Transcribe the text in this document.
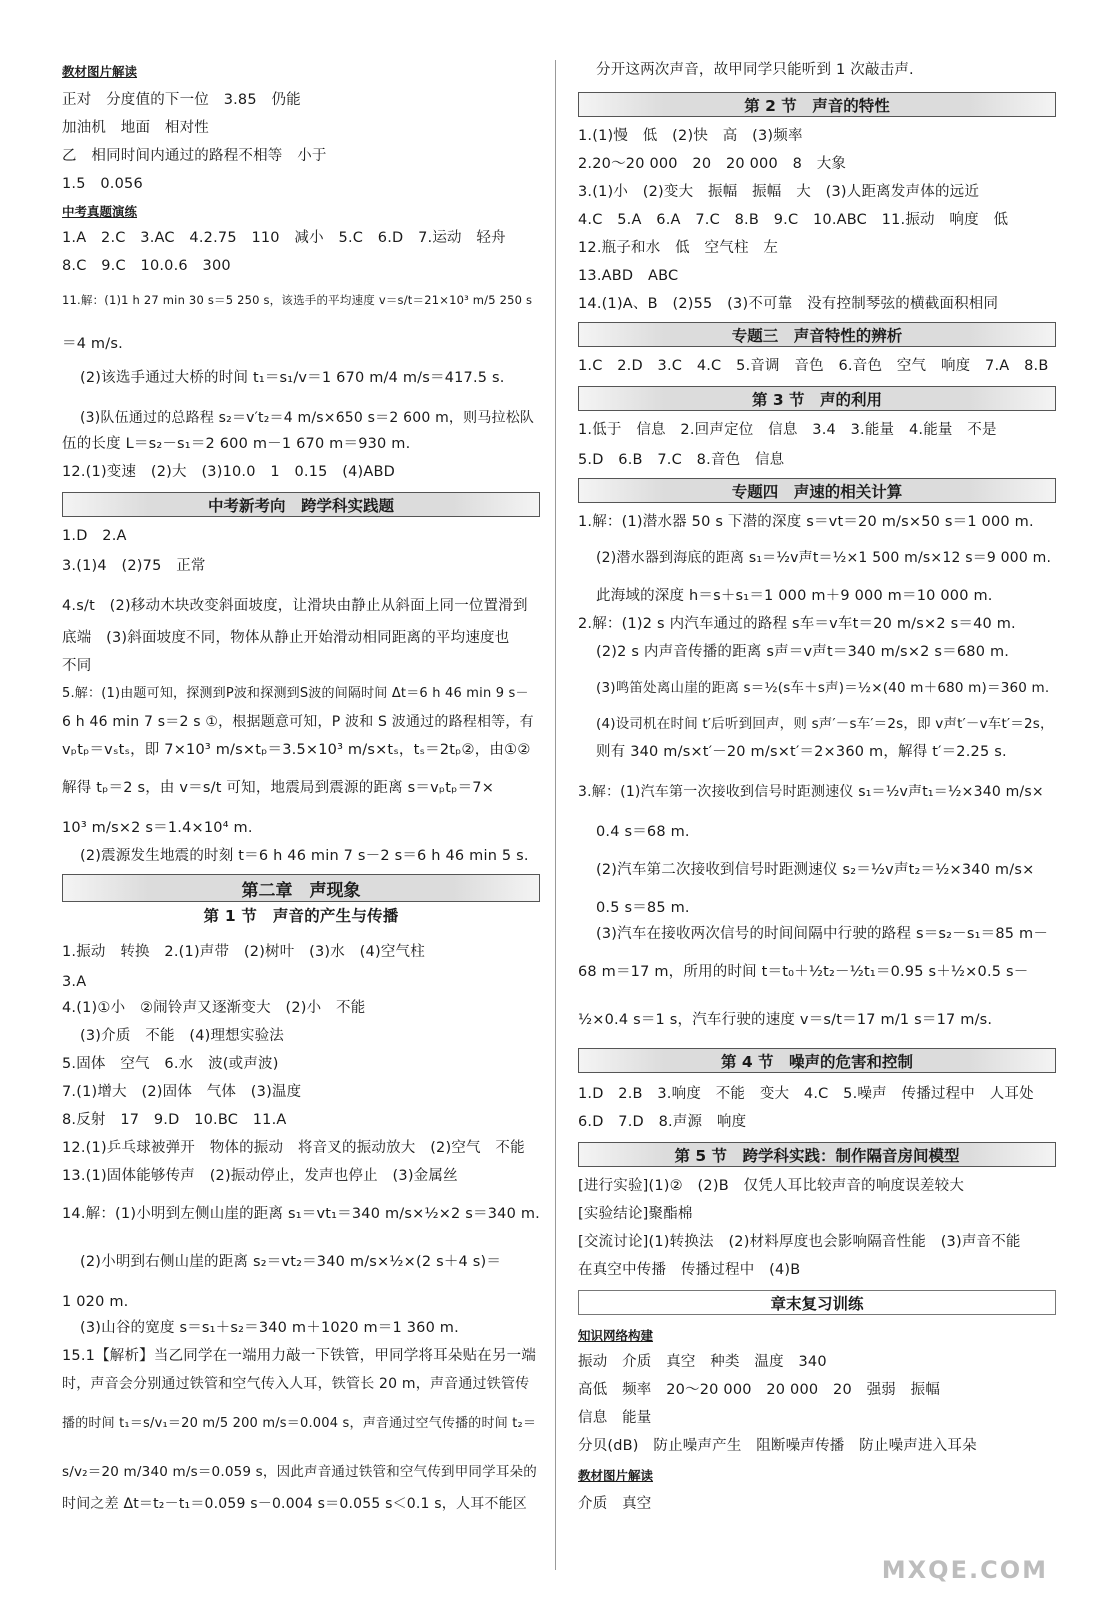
教材图片解读
正对　分度值的下一位　3.85　仍能
加油机　地面　相对性
乙　相同时间内通过的路程不相等　小于
1.5　0.056
中考真题演练
1.A　2.C　3.AC　4.2.75　110　减小　5.C　6.D　7.运动　轻舟
8.C　9.C　10.0.6　300
11.解：(1)1 h 27 min 30 s＝5 250 s，该选手的平均速度 v＝s/t＝21×10³ m/5 250 s
＝4 m/s.
(2)该选手通过大桥的时间 t₁＝s₁/v＝1 670 m/4 m/s＝417.5 s.
(3)队伍通过的总路程 s₂＝v′t₂＝4 m/s×650 s＝2 600 m，则马拉松队
伍的长度 L＝s₂－s₁＝2 600 m－1 670 m＝930 m.
12.(1)变速　(2)大　(3)10.0　1　0.15　(4)ABD
中考新考向　跨学科实践题
1.D　2.A
3.(1)4　(2)75　正常
4.s/t　(2)移动木块改变斜面坡度，让滑块由静止从斜面上同一位置滑到
底端　(3)斜面坡度不同，物体从静止开始滑动相同距离的平均速度也
不同
5.解：(1)由题可知，探测到P波和探测到S波的间隔时间 Δt＝6 h 46 min 9 s－
6 h 46 min 7 s＝2 s ①，根据题意可知，P 波和 S 波通过的路程相等，有
vₚtₚ＝vₛtₛ，即 7×10³ m/s×tₚ＝3.5×10³ m/s×tₛ，tₛ＝2tₚ②，由①②
解得 tₚ＝2 s，由 v＝s/t 可知，地震局到震源的距离 s＝vₚtₚ＝7×
10³ m/s×2 s＝1.4×10⁴ m.
(2)震源发生地震的时刻 t＝6 h 46 min 7 s－2 s＝6 h 46 min 5 s.
第二章　声现象
第 1 节　声音的产生与传播
1.振动　转换　2.(1)声带　(2)树叶　(3)水　(4)空气柱
3.A
4.(1)①小　②闹铃声又逐渐变大　(2)小　不能
(3)介质　不能　(4)理想实验法
5.固体　空气　6.水　波(或声波)
7.(1)增大　(2)固体　气体　(3)温度
8.反射　17　9.D　10.BC　11.A
12.(1)乒乓球被弹开　物体的振动　将音叉的振动放大　(2)空气　不能
13.(1)固体能够传声　(2)振动停止，发声也停止　(3)金属丝
14.解：(1)小明到左侧山崖的距离 s₁＝vt₁＝340 m/s×½×2 s＝340 m.
(2)小明到右侧山崖的距离 s₂＝vt₂＝340 m/s×½×(2 s＋4 s)＝
1 020 m.
(3)山谷的宽度 s＝s₁＋s₂＝340 m＋1020 m＝1 360 m.
15.1【解析】当乙同学在一端用力敲一下铁管，甲同学将耳朵贴在另一端
时，声音会分别通过铁管和空气传入人耳，铁管长 20 m，声音通过铁管传
播的时间 t₁＝s/v₁＝20 m/5 200 m/s＝0.004 s，声音通过空气传播的时间 t₂＝
s/v₂＝20 m/340 m/s＝0.059 s，因此声音通过铁管和空气传到甲同学耳朵的
时间之差 Δt＝t₂－t₁＝0.059 s－0.004 s＝0.055 s＜0.1 s，人耳不能区
分开这两次声音，故甲同学只能听到 1 次敲击声.
第 2 节　声音的特性
1.(1)慢　低　(2)快　高　(3)频率
2.20～20 000　20　20 000　8　大象
3.(1)小　(2)变大　振幅　振幅　大　(3)人距离发声体的远近
4.C　5.A　6.A　7.C　8.B　9.C　10.ABC　11.振动　响度　低
12.瓶子和水　低　空气柱　左
13.ABD　ABC
14.(1)A、B　(2)55　(3)不可靠　没有控制琴弦的横截面积相同
专题三　声音特性的辨析
1.C　2.D　3.C　4.C　5.音调　音色　6.音色　空气　响度　7.A　8.B
第 3 节　声的利用
1.低于　信息　2.回声定位　信息　3.4　3.能量　4.能量　不是
5.D　6.B　7.C　8.音色　信息
专题四　声速的相关计算
1.解：(1)潜水器 50 s 下潜的深度 s＝vt＝20 m/s×50 s＝1 000 m.
(2)潜水器到海底的距离 s₁＝½v声t＝½×1 500 m/s×12 s＝9 000 m.
此海域的深度 h＝s＋s₁＝1 000 m＋9 000 m＝10 000 m.
2.解：(1)2 s 内汽车通过的路程 s车＝v车t＝20 m/s×2 s＝40 m.
(2)2 s 内声音传播的距离 s声＝v声t＝340 m/s×2 s＝680 m.
(3)鸣笛处离山崖的距离 s＝½(s车＋s声)＝½×(40 m＋680 m)＝360 m.
(4)设司机在时间 t′后听到回声，则 s声′－s车′＝2s，即 v声t′－v车t′＝2s，
则有 340 m/s×t′－20 m/s×t′＝2×360 m，解得 t′＝2.25 s.
3.解：(1)汽车第一次接收到信号时距测速仪 s₁＝½v声t₁＝½×340 m/s×
0.4 s＝68 m.
(2)汽车第二次接收到信号时距测速仪 s₂＝½v声t₂＝½×340 m/s×
0.5 s＝85 m.
(3)汽车在接收两次信号的时间间隔中行驶的路程 s＝s₂－s₁＝85 m－
68 m＝17 m，所用的时间 t＝t₀＋½t₂－½t₁＝0.95 s＋½×0.5 s－
½×0.4 s＝1 s，汽车行驶的速度 v＝s/t＝17 m/1 s＝17 m/s.
第 4 节　噪声的危害和控制
1.D　2.B　3.响度　不能　变大　4.C　5.噪声　传播过程中　人耳处
6.D　7.D　8.声源　响度
第 5 节　跨学科实践：制作隔音房间模型
[进行实验](1)②　(2)B　仅凭人耳比较声音的响度误差较大
[实验结论]聚酯棉
[交流讨论](1)转换法　(2)材料厚度也会影响隔音性能　(3)声音不能
在真空中传播　传播过程中　(4)B
章末复习训练
知识网络构建
振动　介质　真空　种类　温度　340
高低　频率　20～20 000　20 000　20　强弱　振幅
信息　能量
分贝(dB)　防止噪声产生　阻断噪声传播　防止噪声进入耳朵
教材图片解读
介质　真空
MXQE.COM
